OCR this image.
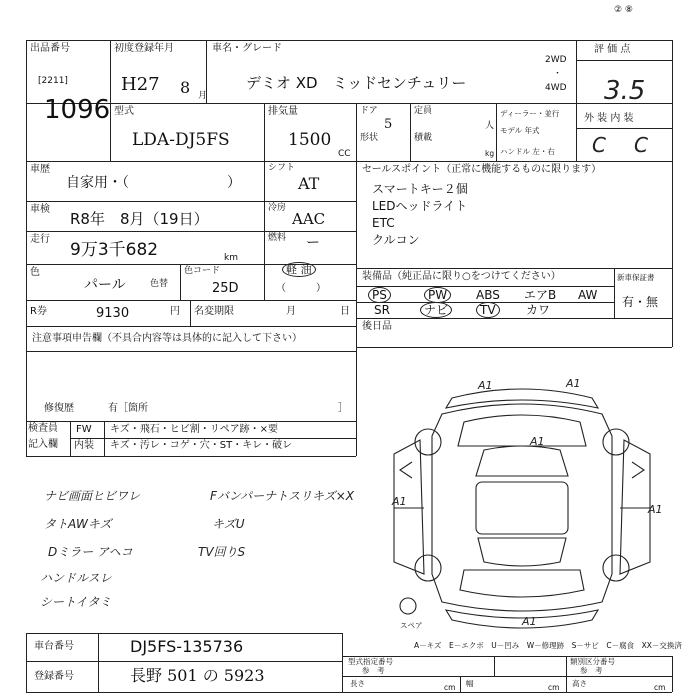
出品番号
[2211]
1096
初度登録年月
H27 8 月
車名・グレード
デミオ XD　ミッドセンチュリー
2WD
・
4WD
② ⑧
評 価 点
3.5
外 装 内 装
C C
型式
LDA-DJ5FS
排気量
1500
CC
ドア
5
形状
定員
人
積載
kg
ディーラー・並行
モデル 年式
ハンドル 左・右
車歴
自家用・（　　　　　　　）
シフト
AT
車検
R8年　8月（19日）
冷房
AAC
走行
9万3千682	km
燃料 ー
軽 油
（　　　）
色
パール	色替
色コード
25D
R券	9130	円 名変期限	月	日
セールスポイント（正常に機能するものに限ります）
スマートキー２個
LEDヘッドライト
ETC
クルコン
装備品（純正品に限り○をつけてください）
PS	PW	ABS エアB AW
SR	ナビ	TV	カワ
新車保証書
有・無
後日品
注意事項申告欄（不具合内容等は具体的に記入して下さい）
修復歴	有［箇所	］
検査員
記入欄
FW キズ・飛石・ヒビ割・リペア跡・×要
内装 キズ・汚レ・コゲ・穴・ST・キレ・破レ
ナビ画面ヒビワレ
タトAWキズ
Dミラー アヘコ
ハンドルスレ
シートイタミ
Fバンパーナトスリキズ×X
キズU
TV回りS
A1	A1
A1
A1
A1
A1
スペア
A－キズ　E－エクボ　U－凹み　W－修理跡　S－サビ　C－腐食　XX－交換済
車台番号	DJ5FS-135736
登録番号	長野 501 の 5923
型式指定番号
参　考
類別区分番号
参　考
長さ	cm 幅	cm 高さ	cm
